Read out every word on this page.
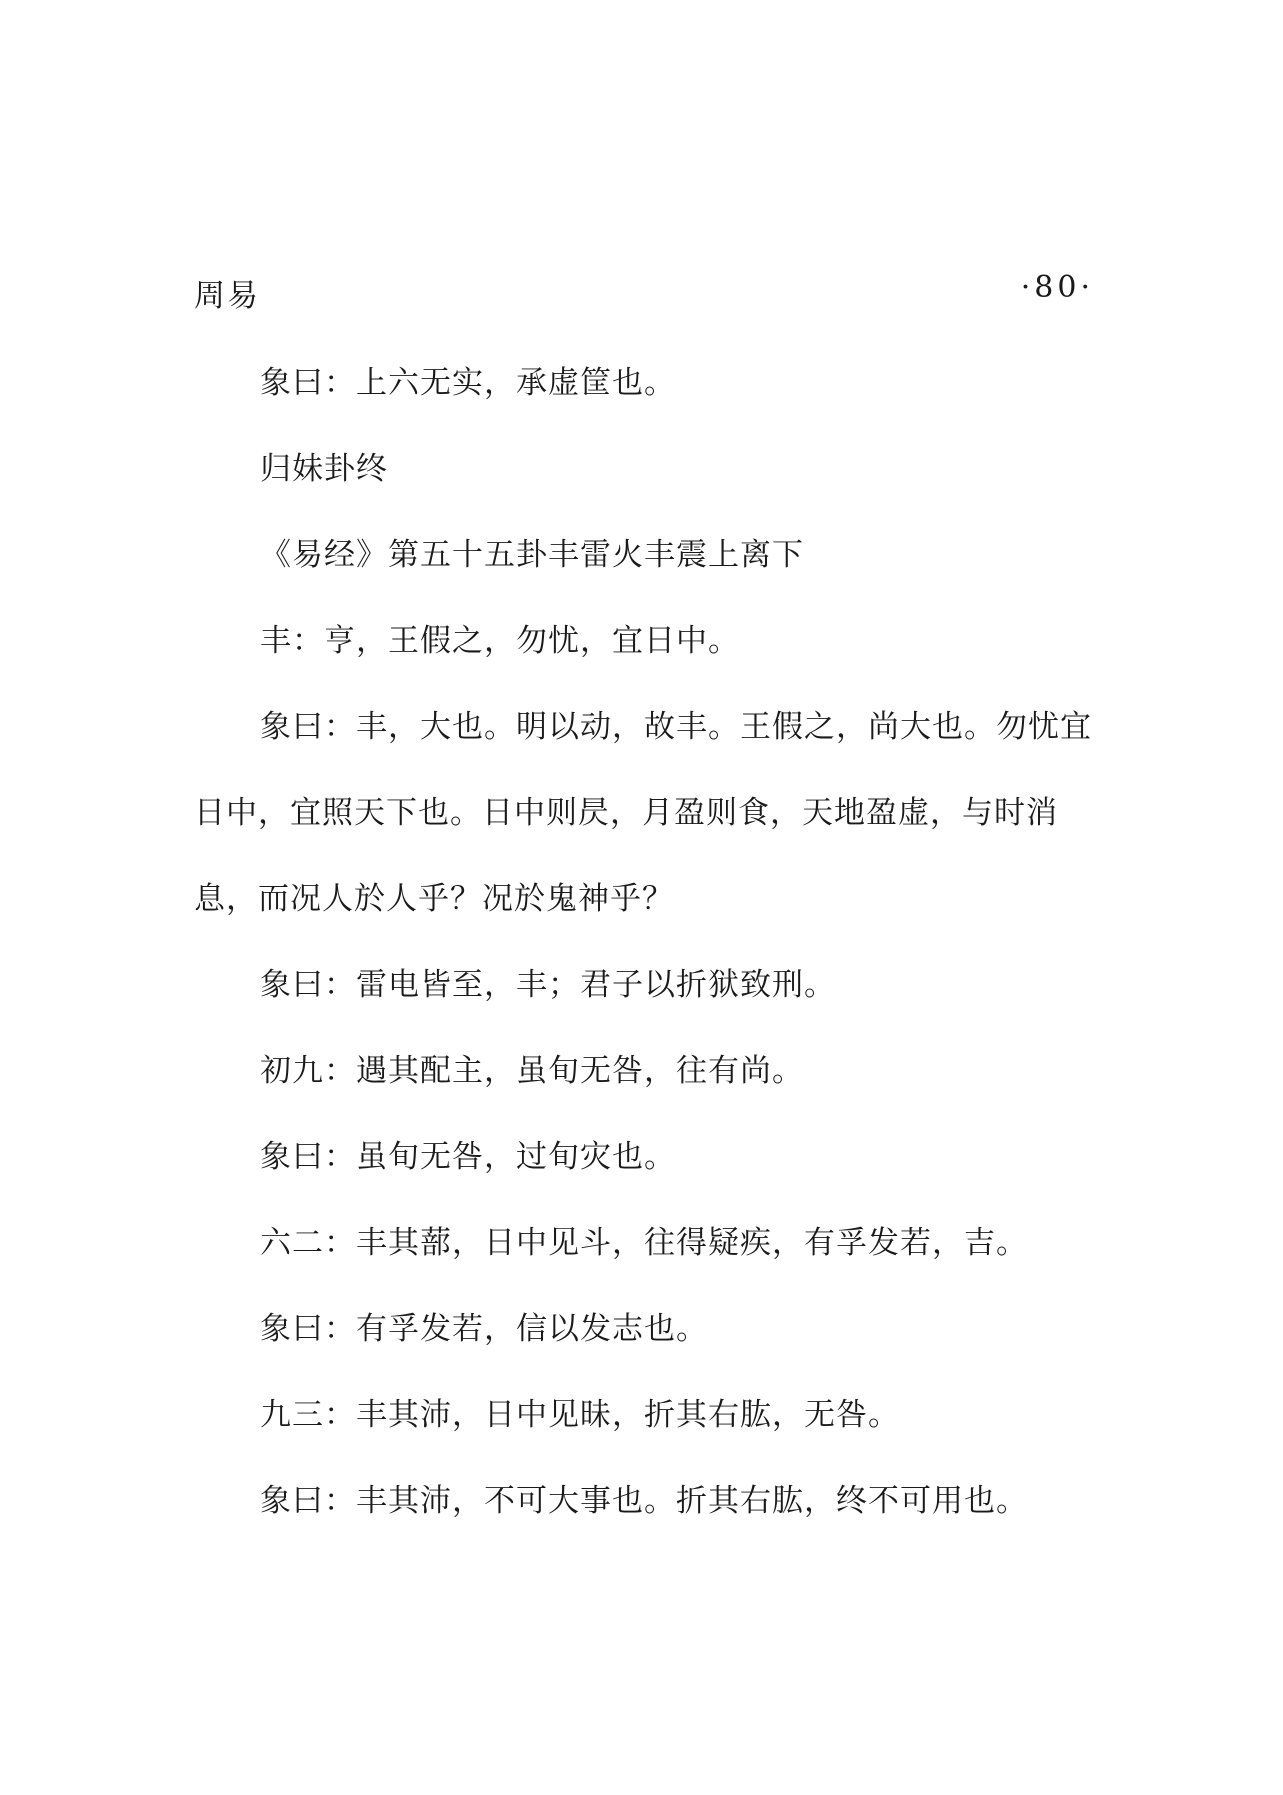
周易	·80·

象曰：上六无实，承虚筐也。

归妹卦终

《易经》第五十五卦丰雷火丰震上离下

丰：亨，王假之，勿忧，宜日中。

象曰：丰，大也。明以动，故丰。王假之，尚大也。勿忧宜日中，宜照天下也。日中则昃，月盈则食，天地盈虚，与时消息，而况人於人乎？况於鬼神乎？

象曰：雷电皆至，丰；君子以折狱致刑。

初九：遇其配主，虽旬无咎，往有尚。

象曰：虽旬无咎，过旬灾也。

六二：丰其蔀，日中见斗，往得疑疾，有孚发若，吉。

象曰：有孚发若，信以发志也。

九三：丰其沛，日中见昧，折其右肱，无咎。

象曰：丰其沛，不可大事也。折其右肱，终不可用也。
